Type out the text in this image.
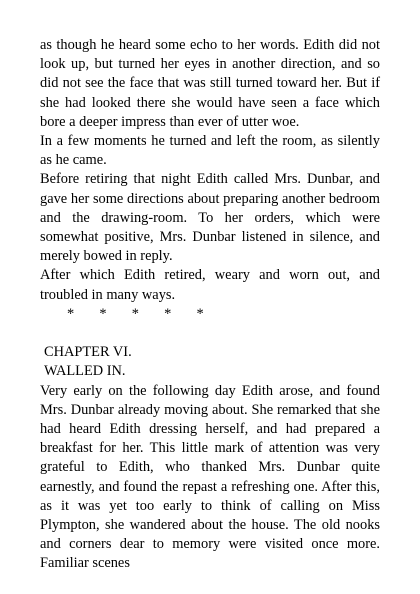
as though he heard some echo to her words. Edith did not look up, but turned her eyes in another direction, and so did not see the face that was still turned toward her. But if she had looked there she would have seen a face which bore a deeper impress than ever of utter woe.

In a few moments he turned and left the room, as silently as he came.

Before retiring that night Edith called Mrs. Dunbar, and gave her some directions about preparing another bedroom and the drawing-room. To her orders, which were somewhat positive, Mrs. Dunbar listened in silence, and merely bowed in reply.

After which Edith retired, weary and worn out, and troubled in many ways.

*       *       *       *       *

CHAPTER VI.

WALLED IN.

Very early on the following day Edith arose, and found Mrs. Dunbar already moving about. She remarked that she had heard Edith dressing herself, and had prepared a breakfast for her. This little mark of attention was very grateful to Edith, who thanked Mrs. Dunbar quite earnestly, and found the repast a refreshing one. After this, as it was yet too early to think of calling on Miss Plympton, she wandered about the house. The old nooks and corners dear to memory were visited once more. Familiar scenes
